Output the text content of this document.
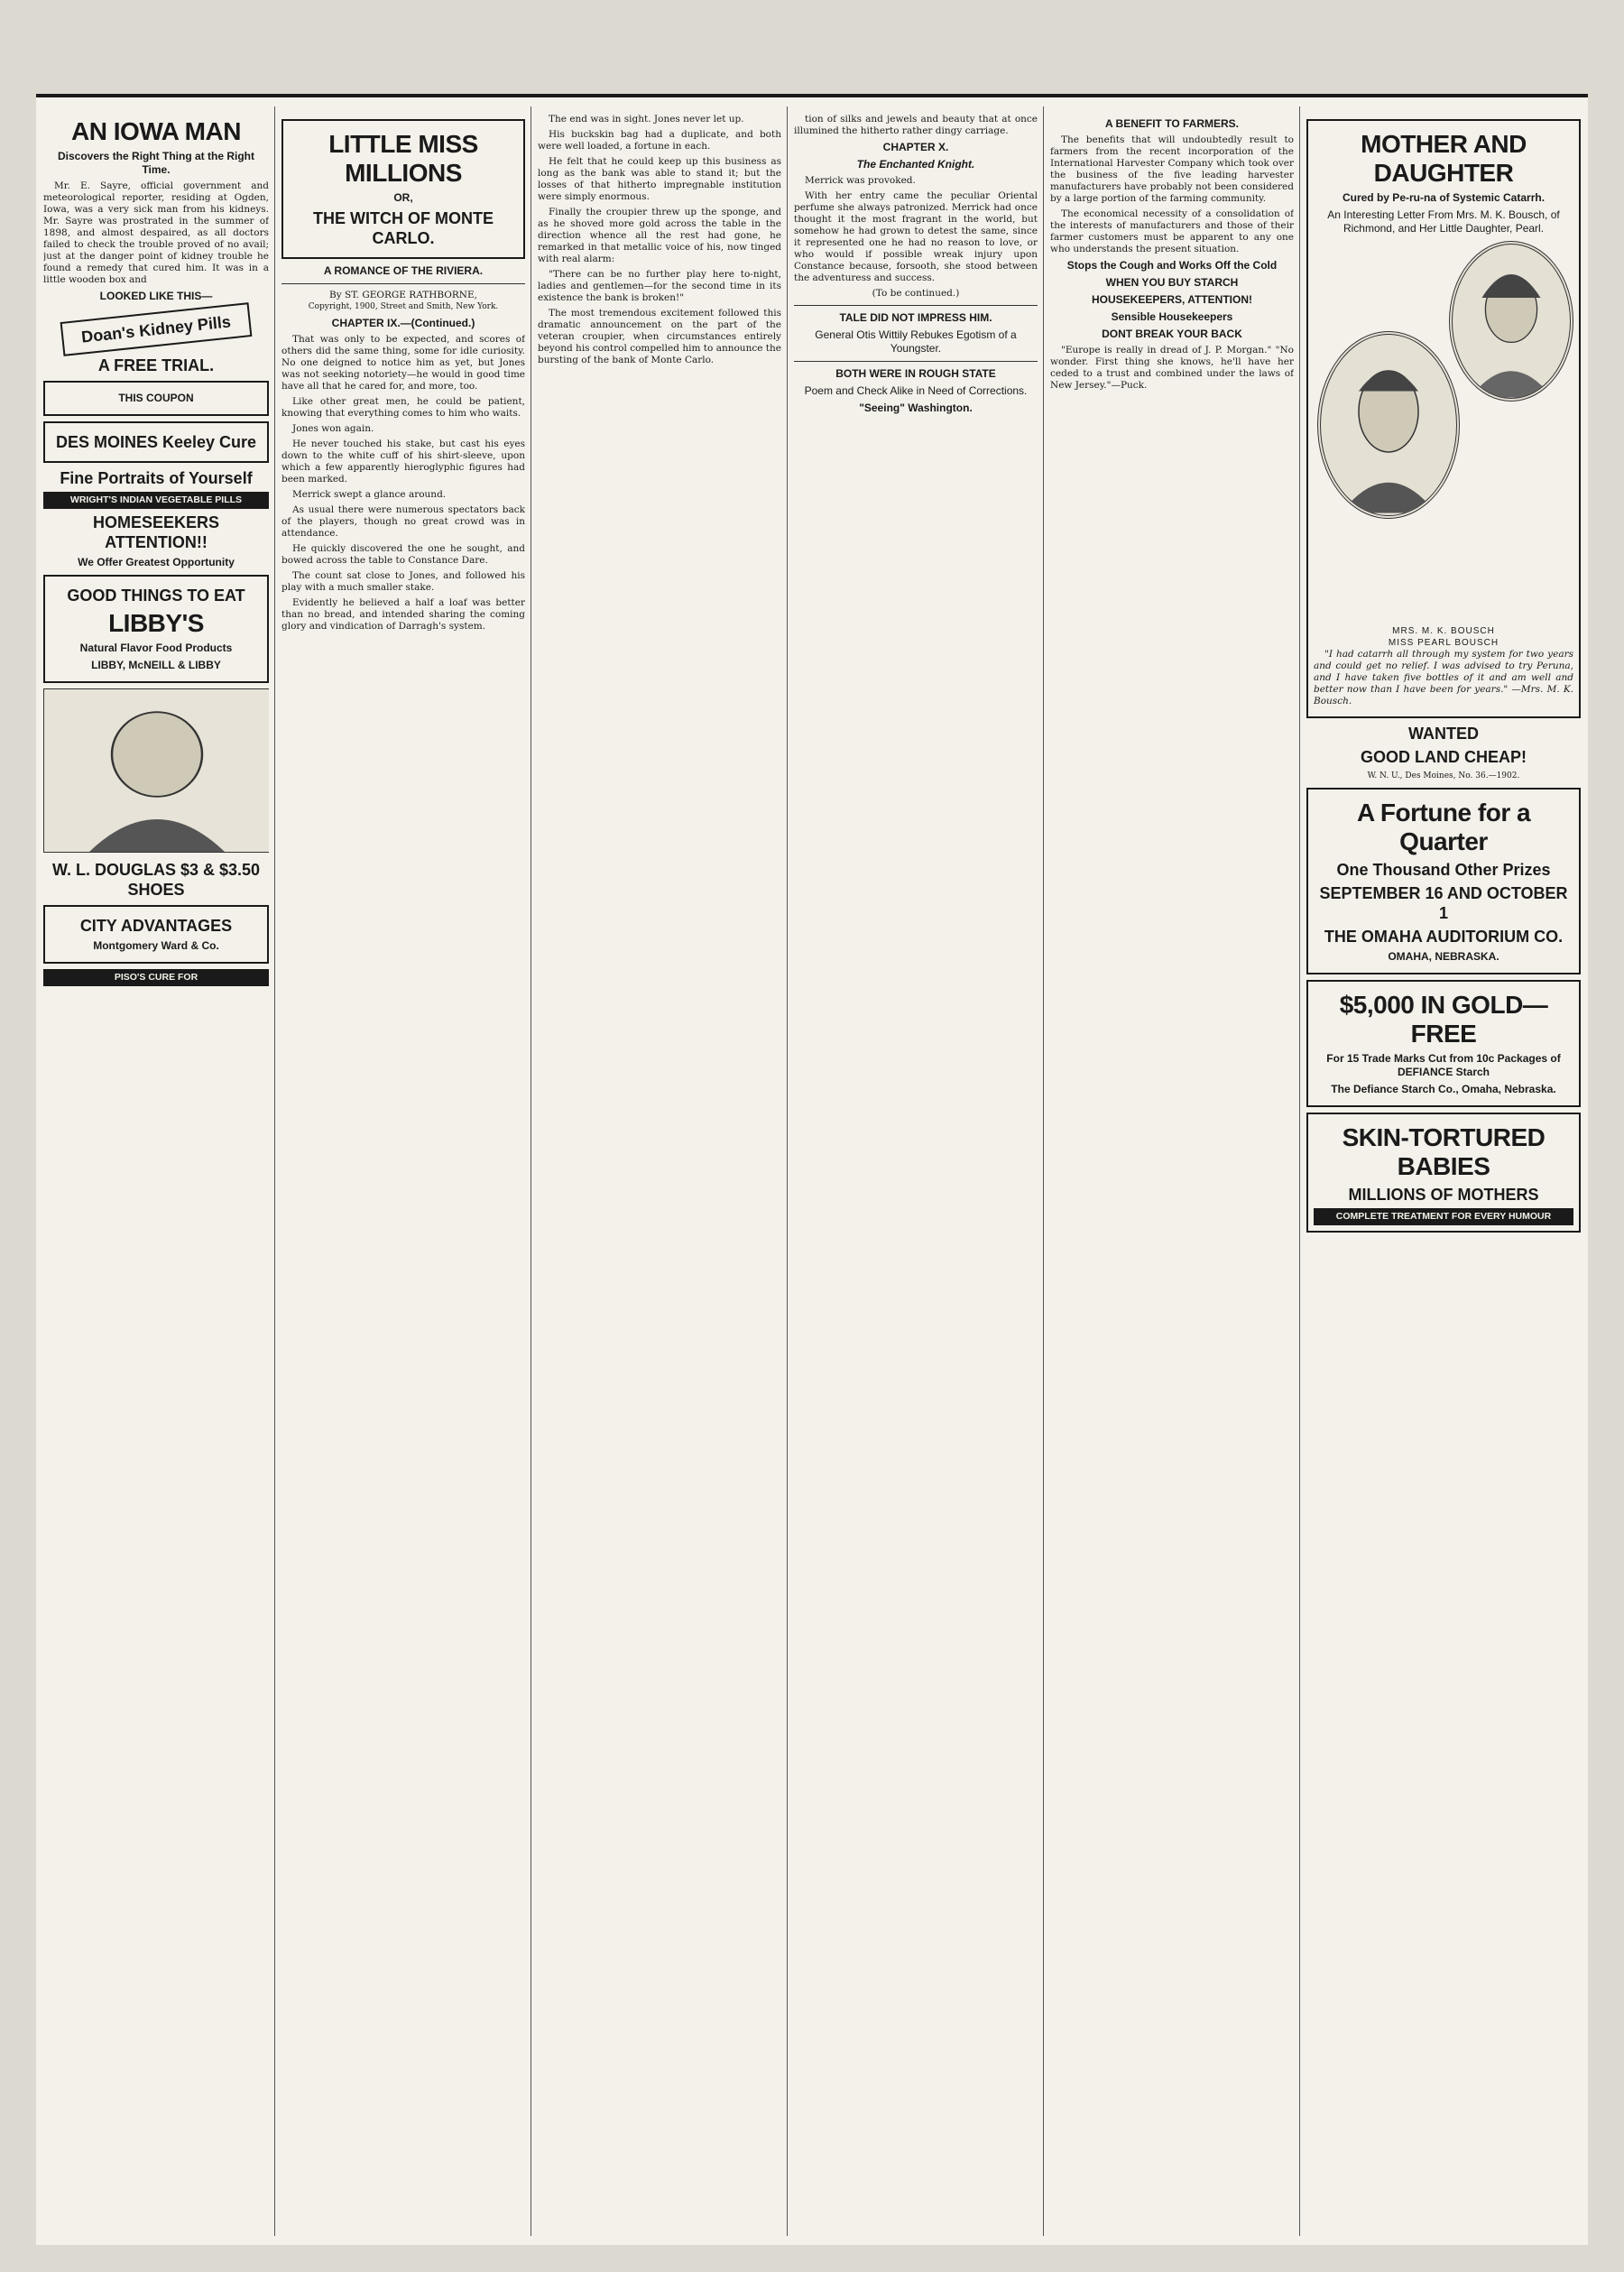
AN IOWA MAN
Discovers the Right Thing at the Right Time.

Mr. E. Sayre, official government and meteorological reporter, residing at Ogden, Iowa, was a very sick man from his kidneys. Mr. Sayre was prostrated in the summer of 1898, and almost despaired, as all doctors failed to check the trouble proved of no avail; just at the danger point of kidney trouble he found a remedy that cured him. It was in a little wooden box and

LOOKED LIKE THIS—
Doan's Kidney Pills
A FREE TRIAL.
THIS COUPON
DES MOINES Keeley Cure
Fine Portraits of Yourself
WRIGHT'S INDIAN VEGETABLE PILLS
HOMESEEKERS ATTENTION!!
We Offer Greatest Opportunity
GOOD THINGS TO EAT
LIBBY'S
Natural Flavor Food Products
LIBBY, McNEILL & LIBBY
W. L. DOUGLAS $3 & $3.50 SHOES
CITY ADVANTAGES
Montgomery Ward & Co.
PISO'S CURE FOR
LITTLE MISS MILLIONS
OR,
THE WITCH OF MONTE CARLO.
A ROMANCE OF THE RIVIERA.
By ST. GEORGE RATHBORNE,
Copyright, 1900, Street and Smith, New York.
CHAPTER IX.—(Continued.)

That was only to be expected, and scores of others did the same thing, some for idle curiosity. No one deigned to notice him as yet, but Jones was not seeking notoriety—he would in good time have all that he cared for, and more, too.

Like other great men, he could be patient, knowing that everything comes to him who waits.

Jones won again.

He never touched his stake, but cast his eyes down to the white cuff of his shirt-sleeve, upon which a few apparently hieroglyphic figures had been marked.

Merrick swept a glance around.

As usual there were numerous spectators back of the players, though no great crowd was in attendance.

He quickly discovered the one he sought, and bowed across the table to Constance Dare.

The count sat close to Jones, and followed his play with a much smaller stake.

Evidently he believed a half a loaf was better than no bread, and intended sharing the coming glory and vindication of Darragh's system.

The end was in sight. Jones never let up.

His buckskin bag had a duplicate, and both were well loaded, a fortune in each.

He felt that he could keep up this business as long as the bank was able to stand it; but the losses of that hitherto impregnable institution were simply enormous.

Finally the croupier threw up the sponge, and as he shoved more gold across the table in the direction whence all the rest had gone, he remarked in that metallic voice of his, now tinged with real alarm:

"There can be no further play here to-night, ladies and gentlemen—for the second time in its existence the bank is broken!"

The most tremendous excitement followed this dramatic announcement on the part of the veteran croupier, when circumstances entirely beyond his control compelled him to announce the bursting of the bank of Monte Carlo.

tion of silks and jewels and beauty that at once illumined the hitherto rather dingy carriage.

CHAPTER X.
The Enchanted Knight.

Merrick was provoked.

With her entry came the peculiar Oriental perfume she always patronized. Merrick had once thought it the most fragrant in the world, but somehow he had grown to detest the same, since it represented one he had no reason to love, or who would if possible wreak injury upon Constance because, forsooth, she stood between the adventuress and success.

(To be continued.)
TALE DID NOT IMPRESS HIM.
General Otis Wittily Rebukes Egotism of a Youngster.
BOTH WERE IN ROUGH STATE
Poem and Check Alike in Need of Corrections.
"Seeing" Washington.
A BENEFIT TO FARMERS.

The benefits that will undoubtedly result to farmers from the recent incorporation of the International Harvester Company which took over the business of the five leading harvester manufacturers have probably not been considered by a large portion of the farming community.

The economical necessity of a consolidation of the interests of manufacturers and those of their farmer customers must be apparent to any one who understands the present situation.

Stops the Cough and Works Off the Cold
WHEN YOU BUY STARCH
HOUSEKEEPERS, ATTENTION!
Sensible Housekeepers
DONT BREAK YOUR BACK

"Europe is really in dread of J. P. Morgan." "No wonder. First thing she knows, he'll have her ceded to a trust and combined under the laws of New Jersey."—Puck.

MOTHER AND DAUGHTER
Cured by Pe-ru-na of Systemic Catarrh.
An Interesting Letter From Mrs. M. K. Bousch, of Richmond, and Her Little Daughter, Pearl.
MRS. M. K. BOUSCH
MISS PEARL BOUSCH

"I had catarrh all through my system for two years and could get no relief. I was advised to try Peruna, and I have taken five bottles of it and am well and better now than I have been for years." —Mrs. M. K. Bousch.

WANTED
GOOD LAND CHEAP!
W. N. U., Des Moines, No. 36.—1902.
A Fortune for a Quarter
One Thousand Other Prizes
SEPTEMBER 16 AND OCTOBER 1
THE OMAHA AUDITORIUM CO.
OMAHA, NEBRASKA.
$5,000 IN GOLD—FREE
For 15 Trade Marks Cut from 10c Packages of DEFIANCE Starch
The Defiance Starch Co., Omaha, Nebraska.
SKIN-TORTURED BABIES
MILLIONS OF MOTHERS
COMPLETE TREATMENT FOR EVERY HUMOUR
